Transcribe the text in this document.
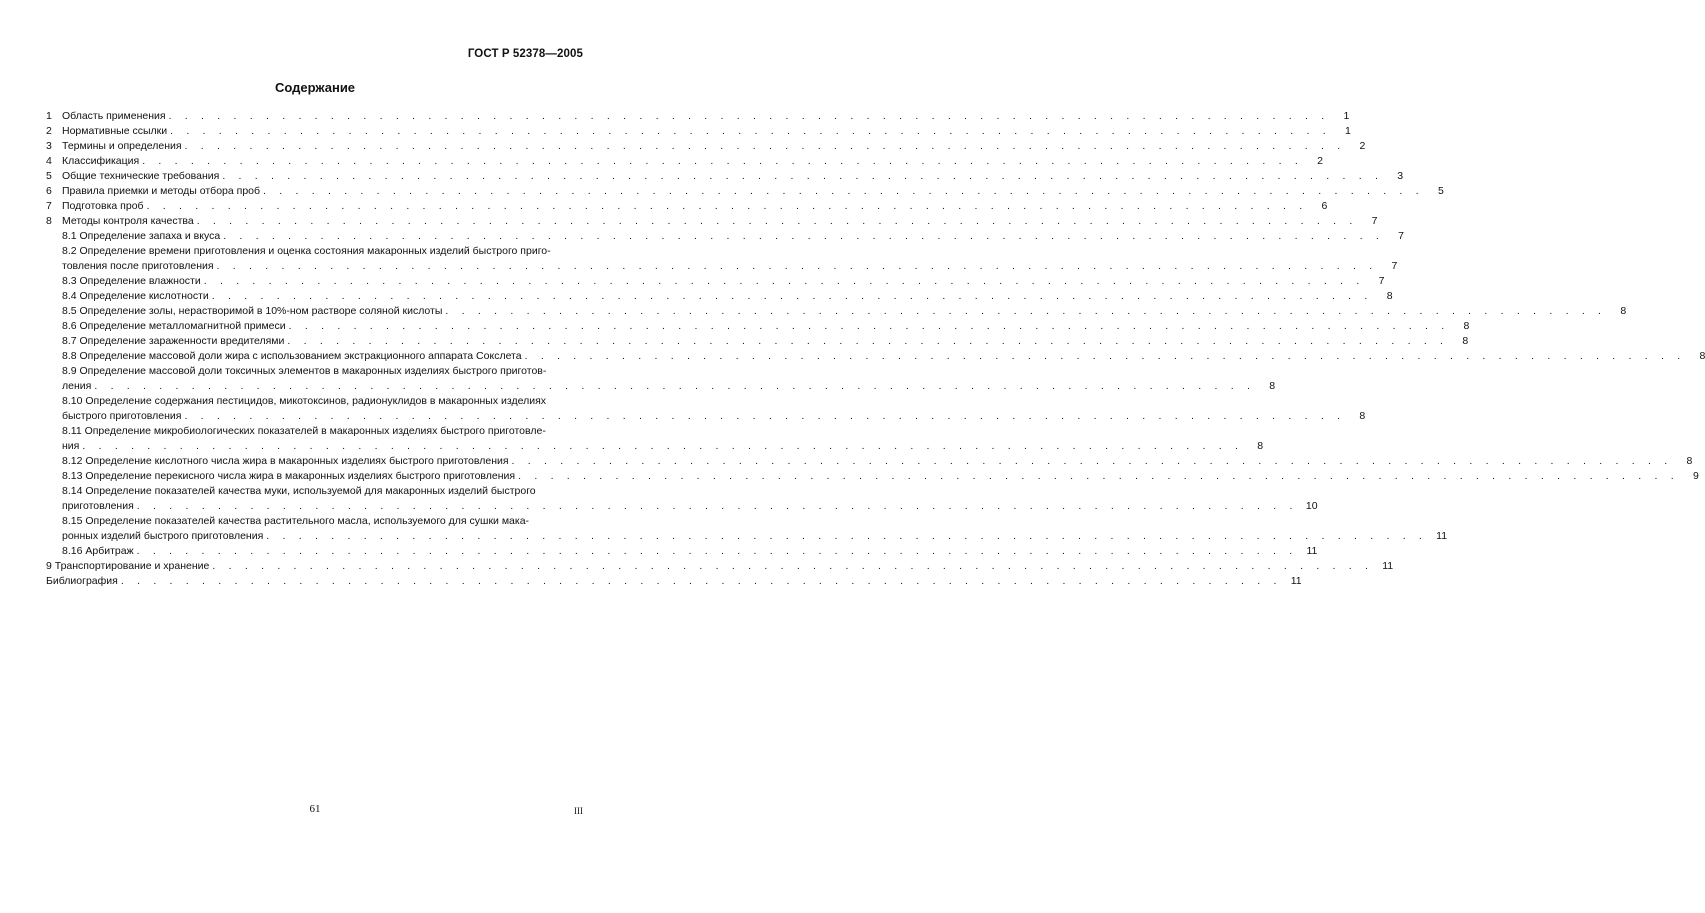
ГОСТ Р 52378—2005
Содержание
1 Область применения . . .	1
2 Нормативные ссылки . . .	1
3 Термины и определения . . .	2
4 Классификация . . .	2
5 Общие технические требования . . .	3
6 Правила приемки и методы отбора проб . . .	5
7 Подготовка проб . . .	6
8 Методы контроля качества . . .	7
8.1 Определение запаха и вкуса . . .	7
8.2 Определение времени приготовления и оценка состояния макаронных изделий быстрого приго-
товления после приготовления . . .	7
8.3 Определение влажности . . .	7
8.4 Определение кислотности . . .	8
8.5 Определение золы, нерастворимой в 10%-ном растворе соляной кислоты . . .	8
8.6 Определение металломагнитной примеси . . .	8
8.7 Определение зараженности вредителями . . .	8
8.8 Определение массовой доли жира с использованием экстракционного аппарата Сокслета . . .	8
8.9 Определение массовой доли токсичных элементов в макаронных изделиях быстрого приготов-
ления . . .	8
8.10 Определение содержания пестицидов, микотоксинов, радионуклидов в макаронных изделиях
быстрого приготовления . . .	8
8.11 Определение микробиологических показателей в макаронных изделиях быстрого приготовле-
ния . . .	8
8.12 Определение кислотного числа жира в макаронных изделиях быстрого приготовления . . .	8
8.13 Определение перекисного числа жира в макаронных изделиях быстрого приготовления . . .	9
8.14 Определение показателей качества муки, используемой для макаронных изделий быстрого
приготовления . . .	10
8.15 Определение показателей качества растительного масла, используемого для сушки мака-
ронных изделий быстрого приготовления . . .	11
8.16 Арбитраж . . .	11
9 Транспортирование и хранение . . .	11
Библиография . . .	11
61	III
